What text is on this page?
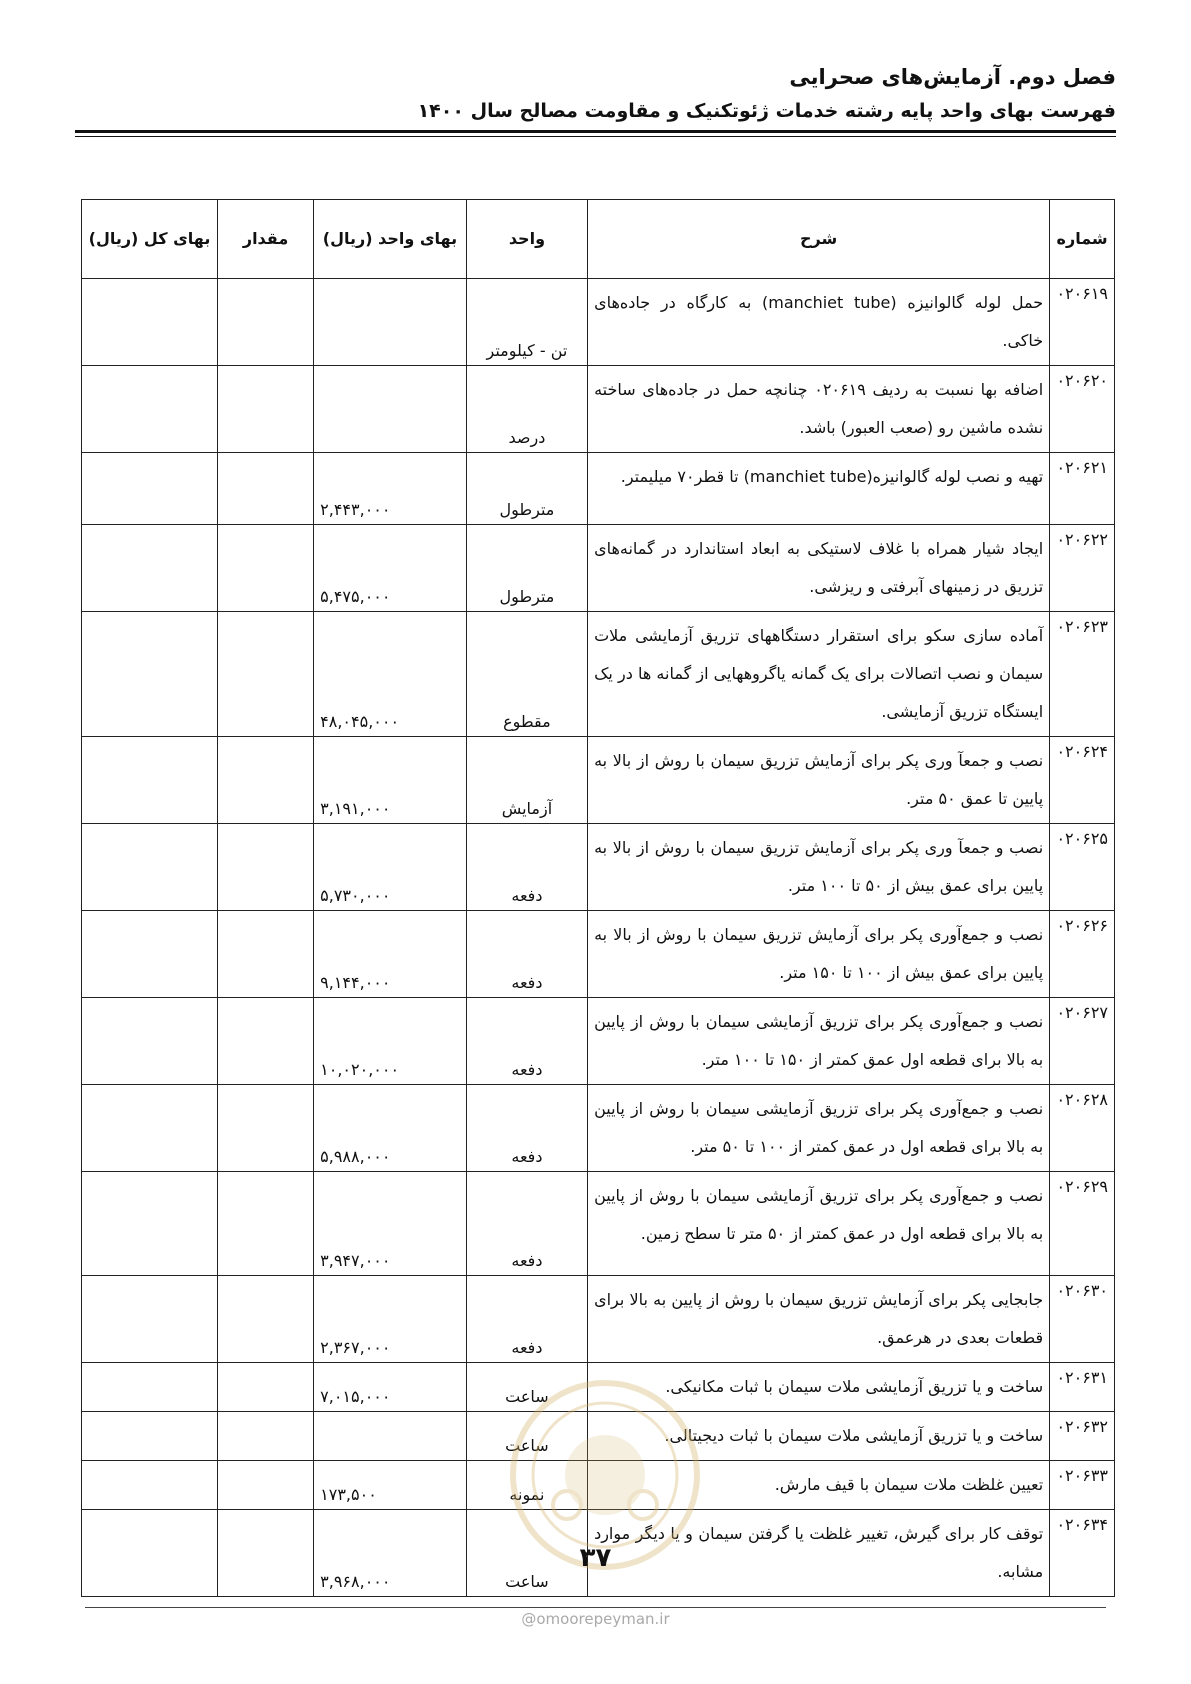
فصل دوم. آزمایش‌های صحرایی
فهرست بهای واحد پایه رشته خدمات ژئوتکنیک و مقاومت مصالح سال ۱۴۰۰
شماره	شرح	واحد	بهای واحد (ریال)	مقدار	بهای کل (ریال)
۰۲۰۶۱۹	حمل لوله گالوانیزه (manchiet tube) به کارگاه در جاده‌های خاکی.	تن - کیلومتر			
۰۲۰۶۲۰	اضافه بها نسبت به ردیف ۰۲۰۶۱۹ چنانچه حمل در جاده‌های ساخته نشده ماشین رو (صعب العبور) باشد.	درصد			
۰۲۰۶۲۱	تهیه و نصب لوله گالوانیزه(manchiet tube) تا قطر۷۰ میلیمتر.	مترطول	۲,۴۴۳,۰۰۰		
۰۲۰۶۲۲	ایجاد شیار همراه با غلاف لاستیکی به ابعاد استاندارد در گمانه‌های تزریق در زمینهای آبرفتی و ریزشی.	مترطول	۵,۴۷۵,۰۰۰		
۰۲۰۶۲۳	آماده سازی سکو برای استقرار دستگاههای تزریق آزمایشی ملات سیمان و نصب اتصالات برای یک گمانه یاگروههایی از گمانه ها در یک ایستگاه تزریق آزمایشی.	مقطوع	۴۸,۰۴۵,۰۰۰		
۰۲۰۶۲۴	نصب و جمعآ وری پکر برای آزمایش تزریق سیمان با روش از بالا به پایین تا عمق ۵۰ متر.	آزمایش	۳,۱۹۱,۰۰۰		
۰۲۰۶۲۵	نصب و جمعآ وری پکر برای آزمایش تزریق سیمان با روش از بالا به پایین برای عمق بیش از ۵۰ تا ۱۰۰ متر.	دفعه	۵,۷۳۰,۰۰۰		
۰۲۰۶۲۶	نصب و جمع‌آوری پکر برای آزمایش تزریق سیمان با روش از بالا به پایین برای عمق بیش از ۱۰۰ تا ۱۵۰ متر.	دفعه	۹,۱۴۴,۰۰۰		
۰۲۰۶۲۷	نصب و جمع‌آوری پکر برای تزریق آزمایشی سیمان با روش از پایین به بالا برای قطعه اول عمق کمتر از ۱۵۰ تا ۱۰۰ متر.	دفعه	۱۰,۰۲۰,۰۰۰		
۰۲۰۶۲۸	نصب و جمع‌آوری پکر برای تزریق آزمایشی سیمان با روش از پایین به بالا برای قطعه اول در عمق کمتر از ۱۰۰ تا ۵۰ متر.	دفعه	۵,۹۸۸,۰۰۰		
۰۲۰۶۲۹	نصب و جمع‌آوری پکر برای تزریق آزمایشی سیمان با روش از پایین به بالا برای قطعه اول در عمق کمتر از ۵۰ متر تا سطح زمین.	دفعه	۳,۹۴۷,۰۰۰		
۰۲۰۶۳۰	جابجایی پکر برای آزمایش تزریق سیمان با روش از پایین به بالا برای قطعات بعدی در هرعمق.	دفعه	۲,۳۶۷,۰۰۰		
۰۲۰۶۳۱	ساخت و یا تزریق آزمایشی ملات سیمان با ثبات مکانیکی.	ساعت	۷,۰۱۵,۰۰۰		
۰۲۰۶۳۲	ساخت و یا تزریق آزمایشی ملات سیمان با ثبات دیجیتالی.	ساعت			
۰۲۰۶۳۳	تعیین غلظت ملات سیمان با قیف مارش.	نمونه	۱۷۳,۵۰۰		
۰۲۰۶۳۴	توقف کار برای گیرش، تغییر غلظت یا گرفتن سیمان و یا دیگر موارد مشابه.	ساعت	۳,۹۶۸,۰۰۰		
۳۷
@omoorepeyman.ir
